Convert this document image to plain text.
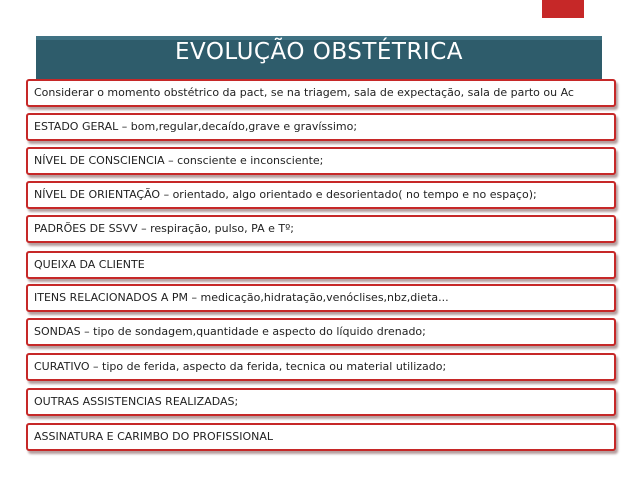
EVOLUÇÃO OBSTÉTRICA
Considerar o momento obstétrico da pact, se na triagem, sala de expectação, sala de parto ou Ac
ESTADO GERAL – bom,regular,decaído,grave e gravíssimo;
NÍVEL DE CONSCIENCIA – consciente e inconsciente;
NÍVEL DE ORIENTAÇÃO – orientado, algo orientado e desorientado( no tempo e no espaço);
PADRÕES DE SSVV – respiração, pulso, PA e Tº;
QUEIXA DA CLIENTE
ITENS RELACIONADOS A PM – medicação,hidratação,venóclises,nbz,dieta...
SONDAS – tipo de sondagem,quantidade e aspecto do líquido drenado;
CURATIVO – tipo de ferida, aspecto da ferida, tecnica ou material utilizado;
OUTRAS ASSISTENCIAS REALIZADAS;
ASSINATURA E CARIMBO DO PROFISSIONAL
